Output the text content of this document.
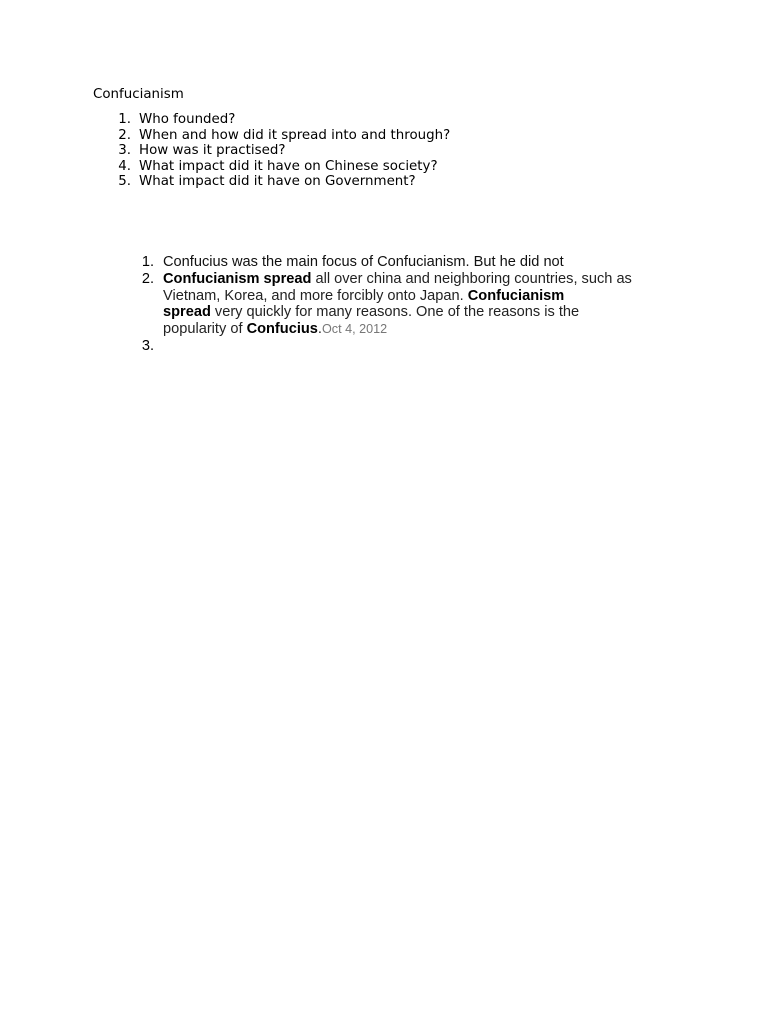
Confucianism
1. Who founded?
2. When and how did it spread into and through?
3. How was it practised?
4. What impact did it have on Chinese society?
5. What impact did it have on Government?
1. Confucius was the main focus of Confucianism. But he did not
2. Confucianism spread all over china and neighboring countries, such as
Vietnam, Korea, and more forcibly onto Japan. Confucianism
spread very quickly for many reasons. One of the reasons is the
popularity of Confucius.Oct 4, 2012
3.
